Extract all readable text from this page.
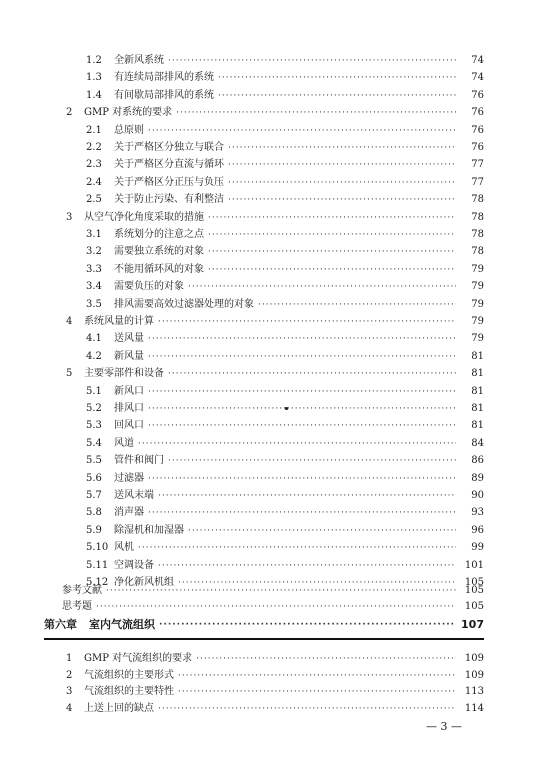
1.2	全新风系统 ·····	74
1.3	有连续局部排风的系统 ·····	74
1.4	有间歇局部排风的系统 ·····	76
2	GMP 对系统的要求 ·····	76
2.1	总原则 ·····	76
2.2	关于严格区分独立与联合 ·····	76
2.3	关于严格区分直流与循环 ·····	77
2.4	关于严格区分正压与负压 ·····	77
2.5	关于防止污染、有利整洁 ·····	78
3	从空气净化角度采取的措施 ·····	78
3.1	系统划分的注意之点 ·····	78
3.2	需要独立系统的对象 ·····	78
3.3	不能用循环风的对象 ·····	79
3.4	需要负压的对象 ·····	79
3.5	排风需要高效过滤器处理的对象 ·····	79
4	系统风量的计算 ·····	79
4.1	送风量 ·····	79
4.2	新风量 ·····	81
5	主要零部件和设备 ·····	81
5.1	新风口 ·····	81
5.2	排风口 ·····	81
5.3	回风口 ·····	81
5.4	风道 ·····	84
5.5	管件和阀门 ·····	86
5.6	过滤器 ·····	89
5.7	送风末端 ·····	90
5.8	消声器 ·····	93
5.9	除湿机和加湿器 ·····	96
5.10 风机 ·····	99
5.11 空调设备 ·····	101
5.12 净化新风机组 ·····	105
参考文献 ·····	105
思考题 ·····	105
第六章 室内气流组织 ·····	107
1	GMP 对气流组织的要求 ·····	109
2	气流组织的主要形式 ·····	109
3	气流组织的主要特性 ·····	113
4	上送上回的缺点 ·····	114
— 3 —
